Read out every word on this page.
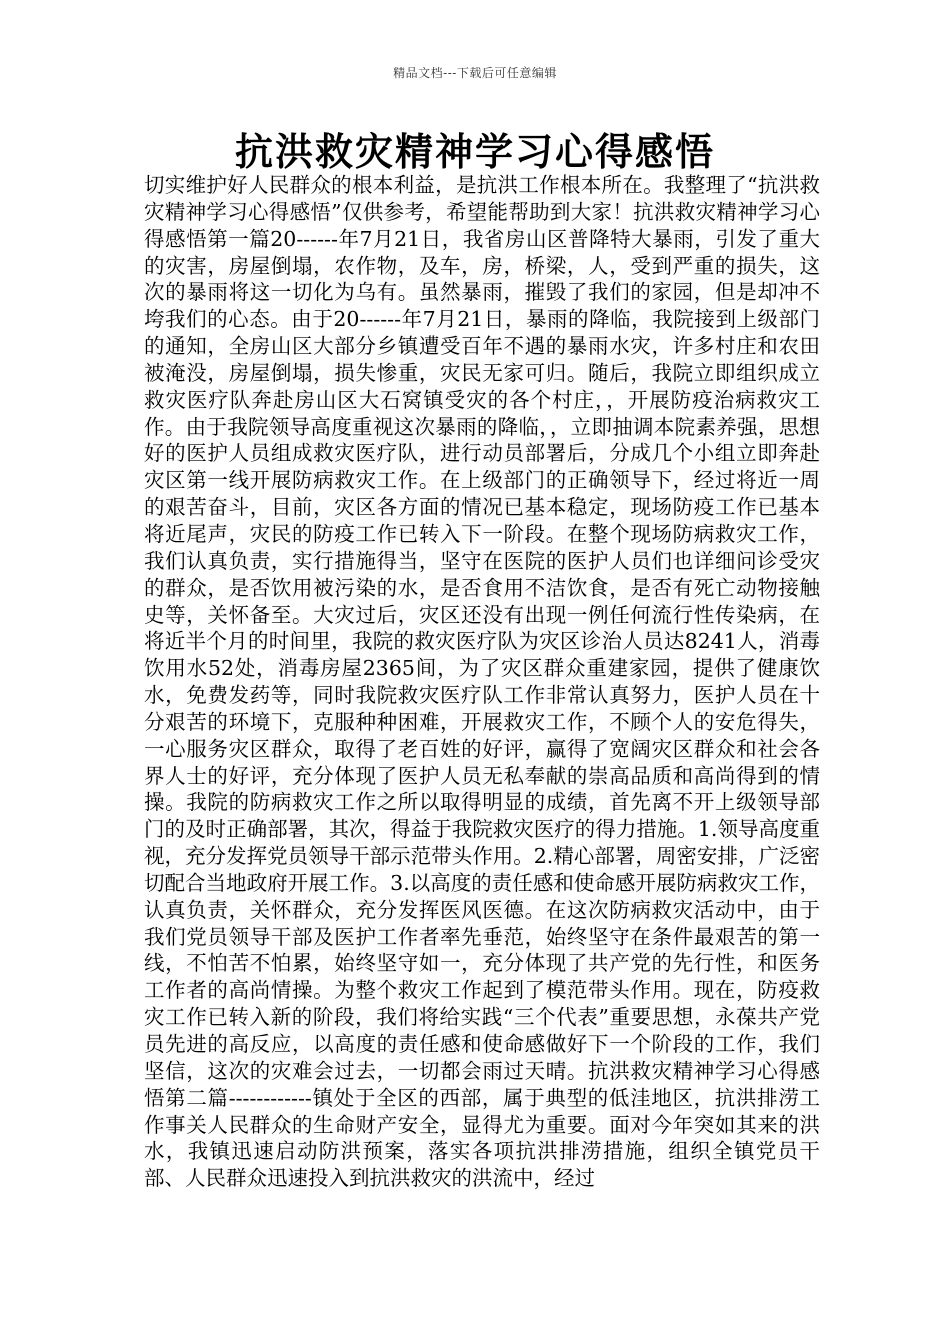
精品文档---下载后可任意编辑
抗洪救灾精神学习心得感悟

切实维护好人民群众的根本利益，是抗洪工作根本所在。我整理了“抗洪救灾精神学习心得感悟”仅供参考，希望能帮助到大家！抗洪救灾精神学习心得感悟第一篇20------年7月21日，我省房山区普降特大暴雨，引发了重大的灾害，房屋倒塌，农作物，及车，房，桥梁，人，受到严重的损失，这次的暴雨将这一切化为乌有。虽然暴雨，摧毁了我们的家园，但是却冲不垮我们的心态。由于20------年7月21日，暴雨的降临，我院接到上级部门的通知，全房山区大部分乡镇遭受百年不遇的暴雨水灾，许多村庄和农田被淹没，房屋倒塌，损失惨重，灾民无家可归。随后，我院立即组织成立救灾医疗队奔赴房山区大石窝镇受灾的各个村庄，，开展防疫治病救灾工作。由于我院领导高度重视这次暴雨的降临，，立即抽调本院素养强，思想好的医护人员组成救灾医疗队，进行动员部署后，分成几个小组立即奔赴灾区第一线开展防病救灾工作。在上级部门的正确领导下，经过将近一周的艰苦奋斗，目前，灾区各方面的情况已基本稳定，现场防疫工作已基本将近尾声，灾民的防疫工作已转入下一阶段。在整个现场防病救灾工作，我们认真负责，实行措施得当，坚守在医院的医护人员们也详细问诊受灾的群众，是否饮用被污染的水，是否食用不洁饮食，是否有死亡动物接触史等，关怀备至。大灾过后，灾区还没有出现一例任何流行性传染病，在将近半个月的时间里，我院的救灾医疗队为灾区诊治人员达8241人，消毒饮用水52处，消毒房屋2365间，为了灾区群众重建家园，提供了健康饮水，免费发药等，同时我院救灾医疗队工作非常认真努力，医护人员在十分艰苦的环境下，克服种种困难，开展救灾工作，不顾个人的安危得失，一心服务灾区群众，取得了老百姓的好评，赢得了宽阔灾区群众和社会各界人士的好评，充分体现了医护人员无私奉献的崇高品质和高尚得到的情操。我院的防病救灾工作之所以取得明显的成绩，首先离不开上级领导部门的及时正确部署，其次，得益于我院救灾医疗的得力措施。1.领导高度重视，充分发挥党员领导干部示范带头作用。2.精心部署，周密安排，广泛密切配合当地政府开展工作。3.以高度的责任感和使命感开展防病救灾工作，认真负责，关怀群众，充分发挥医风医德。在这次防病救灾活动中，由于我们党员领导干部及医护工作者率先垂范，始终坚守在条件最艰苦的第一线，不怕苦不怕累，始终坚守如一，充分体现了共产党的先行性，和医务工作者的高尚情操。为整个救灾工作起到了模范带头作用。现在，防疫救灾工作已转入新的阶段，我们将给实践“三个代表”重要思想，永葆共产党员先进的高反应，以高度的责任感和使命感做好下一个阶段的工作，我们坚信，这次的灾难会过去，一切都会雨过天晴。抗洪救灾精神学习心得感悟第二篇------------镇处于全区的西部，属于典型的低洼地区，抗洪排涝工作事关人民群众的生命财产安全，显得尤为重要。面对今年突如其来的洪水，我镇迅速启动防洪预案，落实各项抗洪排涝措施，组织全镇党员干部、人民群众迅速投入到抗洪救灾的洪流中，经过
